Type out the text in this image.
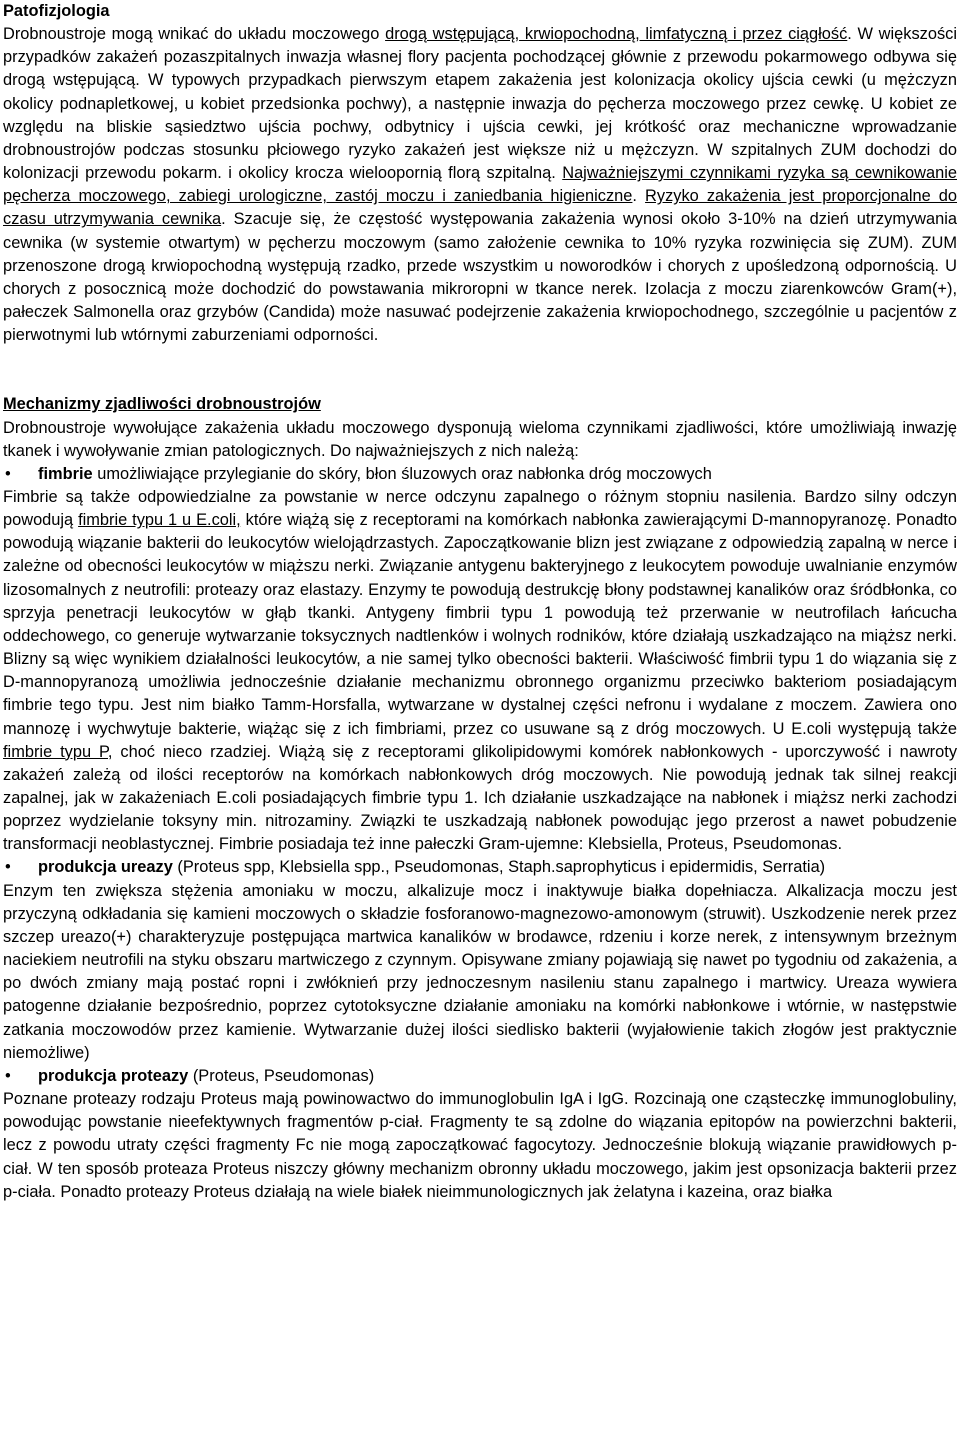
Patofizjologia

Drobnoustroje mogą wnikać do układu moczowego drogą wstępującą, krwiopochodną, limfatyczną i przez ciągłość. W większości przypadków zakażeń pozaszpitalnych inwazja własnej flory pacjenta pochodzącej głównie z przewodu pokarmowego odbywa się drogą wstępującą. W typowych przypadkach pierwszym etapem zakażenia jest kolonizacja okolicy ujścia cewki (u mężczyzn okolicy podnapletkowej, u kobiet przedsionka pochwy), a następnie inwazja do pęcherza moczowego przez cewkę. U kobiet ze względu na bliskie sąsiedztwo ujścia pochwy, odbytnicy i ujścia cewki, jej krótkość oraz mechaniczne wprowadzanie drobnoustrojów podczas stosunku płciowego ryzyko zakażeń jest większe niż u mężczyzn. W szpitalnych ZUM dochodzi do kolonizacji przewodu pokarm. i okolicy krocza wieloopornią florą szpitalną. Najważniejszymi czynnikami ryzyka są cewnikowanie pęcherza moczowego, zabiegi urologiczne, zastój moczu i zaniedbania higieniczne. Ryzyko zakażenia jest proporcjonalne do czasu utrzymywania cewnika. Szacuje się, że częstość występowania zakażenia wynosi około 3-10% na dzień utrzymywania cewnika (w systemie otwartym) w pęcherzu moczowym (samo założenie cewnika to 10% ryzyka rozwinięcia się ZUM). ZUM przenoszone drogą krwiopochodną występują rzadko, przede wszystkim u noworodków i chorych z upośledzoną odpornością. U chorych z posocznicą może dochodzić do powstawania mikroropni w tkance nerek. Izolacja z moczu ziarenkowców Gram(+), pałeczek Salmonella oraz grzybów (Candida) może nasuwać podejrzenie zakażenia krwiopochodnego, szczególnie u pacjentów z pierwotnymi lub wtórnymi zaburzeniami odporności.

Mechanizmy zjadliwości drobnoustrojów

Drobnoustroje wywołujące zakażenia układu moczowego dysponują wieloma czynnikami zjadliwości, które umożliwiają inwazję tkanek i wywoływanie zmian patologicznych. Do najważniejszych z nich należą:

• fimbrie umożliwiające przylegianie do skóry, błon śluzowych oraz nabłonka dróg moczowych

Fimbrie są także odpowiedzialne za powstanie w nerce odczynu zapalnego o różnym stopniu nasilenia. Bardzo silny odczyn powodują fimbrie typu 1 u E.coli, które wiążą się z receptorami na komórkach nabłonka zawierającymi D-mannopyranozę. Ponadto powodują wiązanie bakterii do leukocytów wielojądrzastych. Zapoczątkowanie blizn jest związane z odpowiedzią zapalną w nerce i zależne od obecności leukocytów w miąższu nerki. Związanie antygenu bakteryjnego z leukocytem powoduje uwalnianie enzymów lizosomalnych z neutrofili: proteazy oraz elastazy. Enzymy te powodują destrukcję błony podstawnej kanalików oraz śródbłonka, co sprzyja penetracji leukocytów w głąb tkanki. Antygeny fimbrii typu 1 powodują też przerwanie w neutrofilach łańcucha oddechowego, co generuje wytwarzanie toksycznych nadtlenków i wolnych rodników, które działają uszkadzająco na miąższ nerki. Blizny są więc wynikiem działalności leukocytów, a nie samej tylko obecności bakterii. Właściwość fimbrii typu 1 do wiązania się z D-mannopyranozą umożliwia jednocześnie działanie mechanizmu obronnego organizmu przeciwko bakteriom posiadającym fimbrie tego typu. Jest nim białko Tamm-Horsfalla, wytwarzane w dystalnej części nefronu i wydalane z moczem. Zawiera ono mannozę i wychwytuje bakterie, wiążąc się z ich fimbriami, przez co usuwane są z dróg moczowych. U E.coli występują także fimbrie typu P, choć nieco rzadziej. Wiążą się z receptorami glikolipidowymi komórek nabłonkowych - uporczywość i nawroty zakażeń zależą od ilości receptorów na komórkach nabłonkowych dróg moczowych. Nie powodują jednak tak silnej reakcji zapalnej, jak w zakażeniach E.coli posiadających fimbrie typu 1. Ich działanie uszkadzające na nabłonek i miąższ nerki zachodzi poprzez wydzielanie toksyny min. nitrozaminy. Związki te uszkadzają nabłonek powodując jego przerost a nawet pobudzenie transformacji neoblastycznej. Fimbrie posiadaja też inne pałeczki Gram-ujemne: Klebsiella, Proteus, Pseudomonas.

• produkcja ureazy (Proteus spp, Klebsiella spp., Pseudomonas, Staph.saprophyticus i epidermidis, Serratia)

Enzym ten zwiększa stężenia amoniaku w moczu, alkalizuje mocz i inaktywuje białka dopełniacza. Alkalizacja moczu jest przyczyną odkładania się kamieni moczowych o składzie fosforanowo-magnezowo-amonowym (struwit). Uszkodzenie nerek przez szczep ureazo(+) charakteryzuje postępująca martwica kanalików w brodawce, rdzeniu i korze nerek, z intensywnym brzeżnym naciekiem neutrofili na styku obszaru martwiczego z czynnym. Opisywane zmiany pojawiają się nawet po tygodniu od zakażenia, a po dwóch zmiany mają postać ropni i zwłóknień przy jednoczesnym nasileniu stanu zapalnego i martwicy. Ureaza wywiera patogenne działanie bezpośrednio, poprzez cytotoksyczne działanie amoniaku na komórki nabłonkowe i wtórnie, w następstwie zatkania moczowodów przez kamienie. Wytwarzanie dużej ilości siedlisko bakterii (wyjałowienie takich złogów jest praktycznie niemożliwe)

• produkcja proteazy (Proteus, Pseudomonas)

Poznane proteazy rodzaju Proteus mają powinowactwo do immunoglobulin IgA i IgG. Rozcinają one cząsteczkę immunoglobuliny, powodując powstanie nieefektywnych fragmentów p-ciał. Fragmenty te są zdolne do wiązania epitopów na powierzchni bakterii, lecz z powodu utraty części fragmenty Fc nie mogą zapoczątkować fagocytozy. Jednocześnie blokują wiązanie prawidłowych p-ciał. W ten sposób proteaza Proteus niszczy główny mechanizm obronny układu moczowego, jakim jest opsonizacja bakterii przez p-ciała. Ponadto proteazy Proteus działają na wiele białek nieimmunologicznych jak żelatyna i kazeina, oraz białka
